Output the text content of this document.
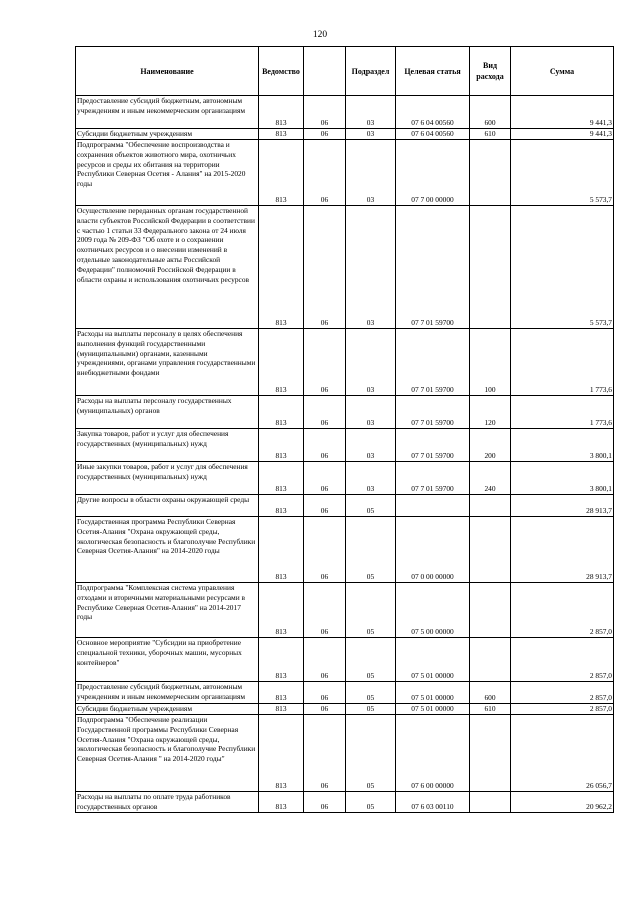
120
Наименование	Ведомство		Подраздел	Целевая статья	Вид расхода	Сумма
Предоставление субсидий бюджетным, автономным учреждениям и иным некоммерческим организациям	813	06	03	07 6 04 00560	600	9 441,3
Субсидии бюджетным учреждениям	813	06	03	07 6 04 00560	610	9 441,3
Подпрограмма "Обеспечение воспроизводства и сохранения объектов животного мира, охотничьих ресурсов и среды их обитания на территории Республики Северная Осетия - Алания" на 2015-2020 годы	813	06	03	07 7 00 00000		5 573,7
Осуществление переданных органам государственной власти субъектов Российской Федерации в соответствии с частью 1 статьи 33 Федерального закона от 24 июля 2009 года № 209-ФЗ "Об охоте и о сохранении охотничьих ресурсов и о внесении изменений в отдельные законодательные акты Российской Федерации" полномочий Российской Федерации в области охраны и использования охотничьих ресурсов	813	06	03	07 7 01 59700		5 573,7
Расходы на выплаты персоналу в целях обеспечения выполнения функций государственными (муниципальными) органами, казенными учреждениями, органами управления государственными внебюджетными фондами	813	06	03	07 7 01 59700	100	1 773,6
Расходы на выплаты персоналу государственных (муниципальных) органов	813	06	03	07 7 01 59700	120	1 773,6
Закупка товаров, работ и услуг для обеспечения государственных (муниципальных) нужд	813	06	03	07 7 01 59700	200	3 800,1
Иные закупки товаров, работ и услуг для обеспечения государственных (муниципальных) нужд	813	06	03	07 7 01 59700	240	3 800,1
Другие вопросы в области охраны окружающей среды	813	06	05			28 913,7
Государственная программа Республики Северная Осетия-Алания "Охрана окружающей среды, экологическая безопасность и благополучие Республики Северная Осетия-Алания" на 2014-2020 годы	813	06	05	07 0 00 00000		28 913,7
Подпрограмма "Комплексная система управления отходами и вторичными материальными ресурсами в Республике Северная Осетия-Алания" на 2014-2017 годы	813	06	05	07 5 00 00000		2 857,0
Основное мероприятие "Субсидии на приобретение специальной техники, уборочных машин, мусорных контейнеров"	813	06	05	07 5 01 00000		2 857,0
Предоставление субсидий бюджетным, автономным учреждениям и иным некоммерческим организациям	813	06	05	07 5 01 00000	600	2 857,0
Субсидии бюджетным учреждениям	813	06	05	07 5 01 00000	610	2 857,0
Подпрограмма "Обеспечение реализации Государственной программы Республики Северная Осетия-Алания "Охрана окружающей среды, экологическая безопасность и благополучие Республики Северная Осетия-Алания " на 2014-2020 годы"	813	06	05	07 6 00 00000		26 056,7
Расходы на выплаты по оплате труда работников государственных органов	813	06	05	07 6 03 00110		20 962,2
